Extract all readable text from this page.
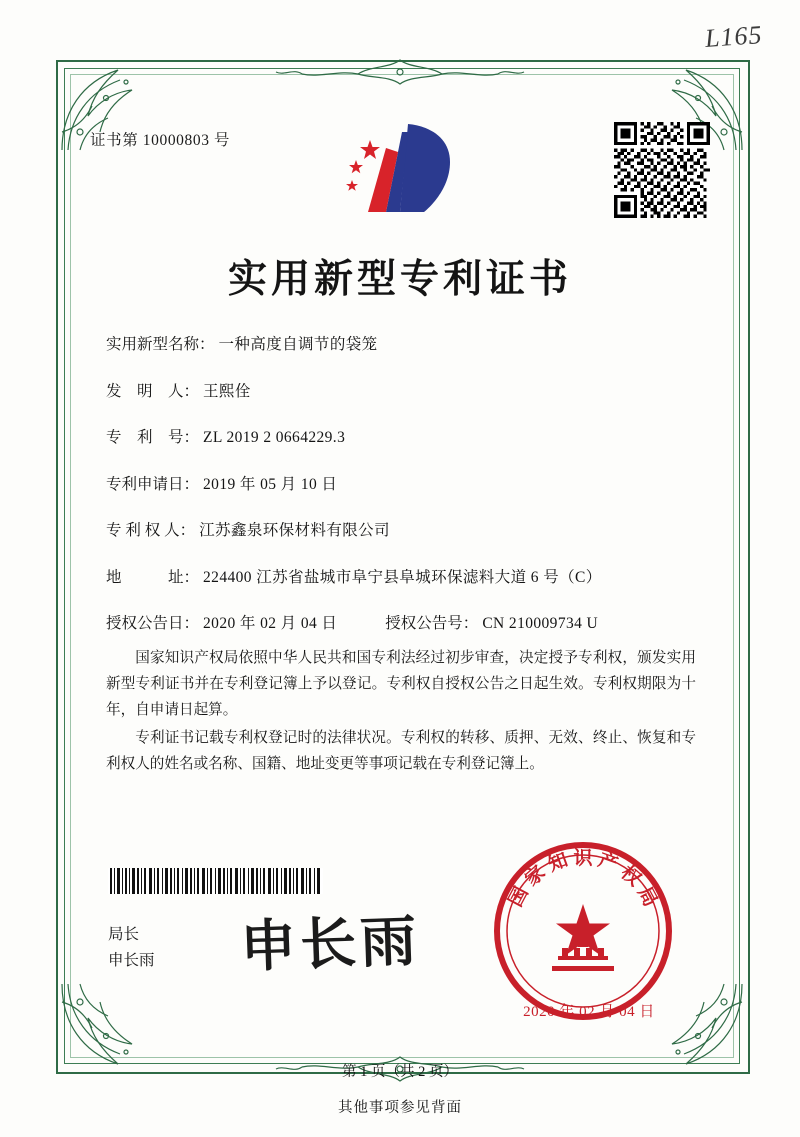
L165
证书第 10000803 号
实用新型专利证书
实用新型名称： 一种高度自调节的袋笼
发　明　人： 王熙佺
专　利　号： ZL 2019 2 0664229.3
专利申请日： 2019 年 05 月 10 日
专 利 权 人： 江苏鑫泉环保材料有限公司
地　　　址： 224400 江苏省盐城市阜宁县阜城环保滤料大道 6 号（C）
授权公告日： 2020 年 02 月 04 日	授权公告号： CN 210009734 U

国家知识产权局依照中华人民共和国专利法经过初步审查，决定授予专利权，颁发实用新型专利证书并在专利登记簿上予以登记。专利权自授权公告之日起生效。专利权期限为十年，自申请日起算。

专利证书记载专利权登记时的法律状况。专利权的转移、质押、无效、终止、恢复和专利权人的姓名或名称、国籍、地址变更等事项记载在专利登记簿上。

申长雨
局长
申长雨
国
家
知 识 产
权
局
2020 年 02 月 04 日
第 1 页（共 2 页）
其他事项参见背面
